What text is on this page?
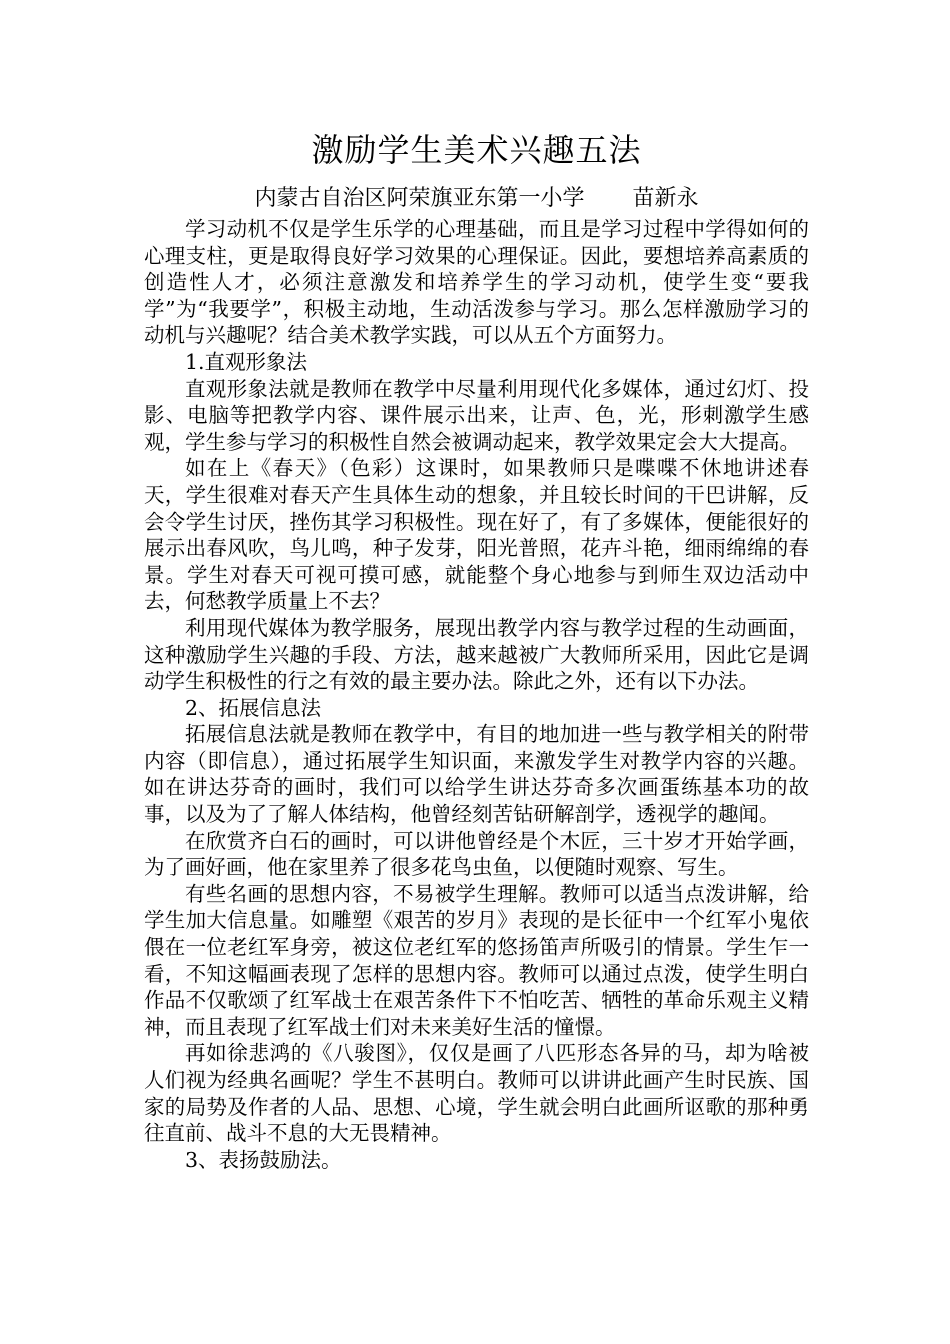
激励学生美术兴趣五法

内蒙古自治区阿荣旗亚东第一小学 苗新永

学习动机不仅是学生乐学的心理基础，而且是学习过程中学得如何的心理支柱，更是取得良好学习效果的心理保证。因此，要想培养高素质的创造性人才，必须注意激发和培养学生的学习动机，使学生变“要我学”为“我要学”，积极主动地，生动活泼参与学习。那么怎样激励学习的动机与兴趣呢？结合美术教学实践，可以从五个方面努力。

1.直观形象法

直观形象法就是教师在教学中尽量利用现代化多媒体，通过幻灯、投影、电脑等把教学内容、课件展示出来，让声、色，光，形刺激学生感观，学生参与学习的积极性自然会被调动起来，教学效果定会大大提高。

如在上《春天》（色彩）这课时，如果教师只是喋喋不休地讲述春天，学生很难对春天产生具体生动的想象，并且较长时间的干巴讲解，反会令学生讨厌，挫伤其学习积极性。现在好了，有了多媒体，便能很好的展示出春风吹，鸟儿鸣，种子发芽，阳光普照，花卉斗艳，细雨绵绵的春景。学生对春天可视可摸可感，就能整个身心地参与到师生双边活动中去，何愁教学质量上不去？

利用现代媒体为教学服务，展现出教学内容与教学过程的生动画面，这种激励学生兴趣的手段、方法，越来越被广大教师所采用，因此它是调动学生积极性的行之有效的最主要办法。除此之外，还有以下办法。

2、拓展信息法

拓展信息法就是教师在教学中，有目的地加进一些与教学相关的附带内容（即信息），通过拓展学生知识面，来激发学生对教学内容的兴趣。如在讲达芬奇的画时，我们可以给学生讲达芬奇多次画蛋练基本功的故事，以及为了了解人体结构，他曾经刻苦钻研解剖学，透视学的趣闻。

在欣赏齐白石的画时，可以讲他曾经是个木匠，三十岁才开始学画，为了画好画，他在家里养了很多花鸟虫鱼，以便随时观察、写生。

有些名画的思想内容，不易被学生理解。教师可以适当点泼讲解，给学生加大信息量。如雕塑《艰苦的岁月》表现的是长征中一个红军小鬼依偎在一位老红军身旁，被这位老红军的悠扬笛声所吸引的情景。学生乍一看，不知这幅画表现了怎样的思想内容。教师可以通过点泼，使学生明白作品不仅歌颂了红军战士在艰苦条件下不怕吃苦、牺牲的革命乐观主义精神，而且表现了红军战士们对未来美好生活的憧憬。

再如徐悲鸿的《八骏图》，仅仅是画了八匹形态各异的马，却为啥被人们视为经典名画呢？学生不甚明白。教师可以讲讲此画产生时民族、国家的局势及作者的人品、思想、心境，学生就会明白此画所讴歌的那种勇往直前、战斗不息的大无畏精神。

3、表扬鼓励法。
